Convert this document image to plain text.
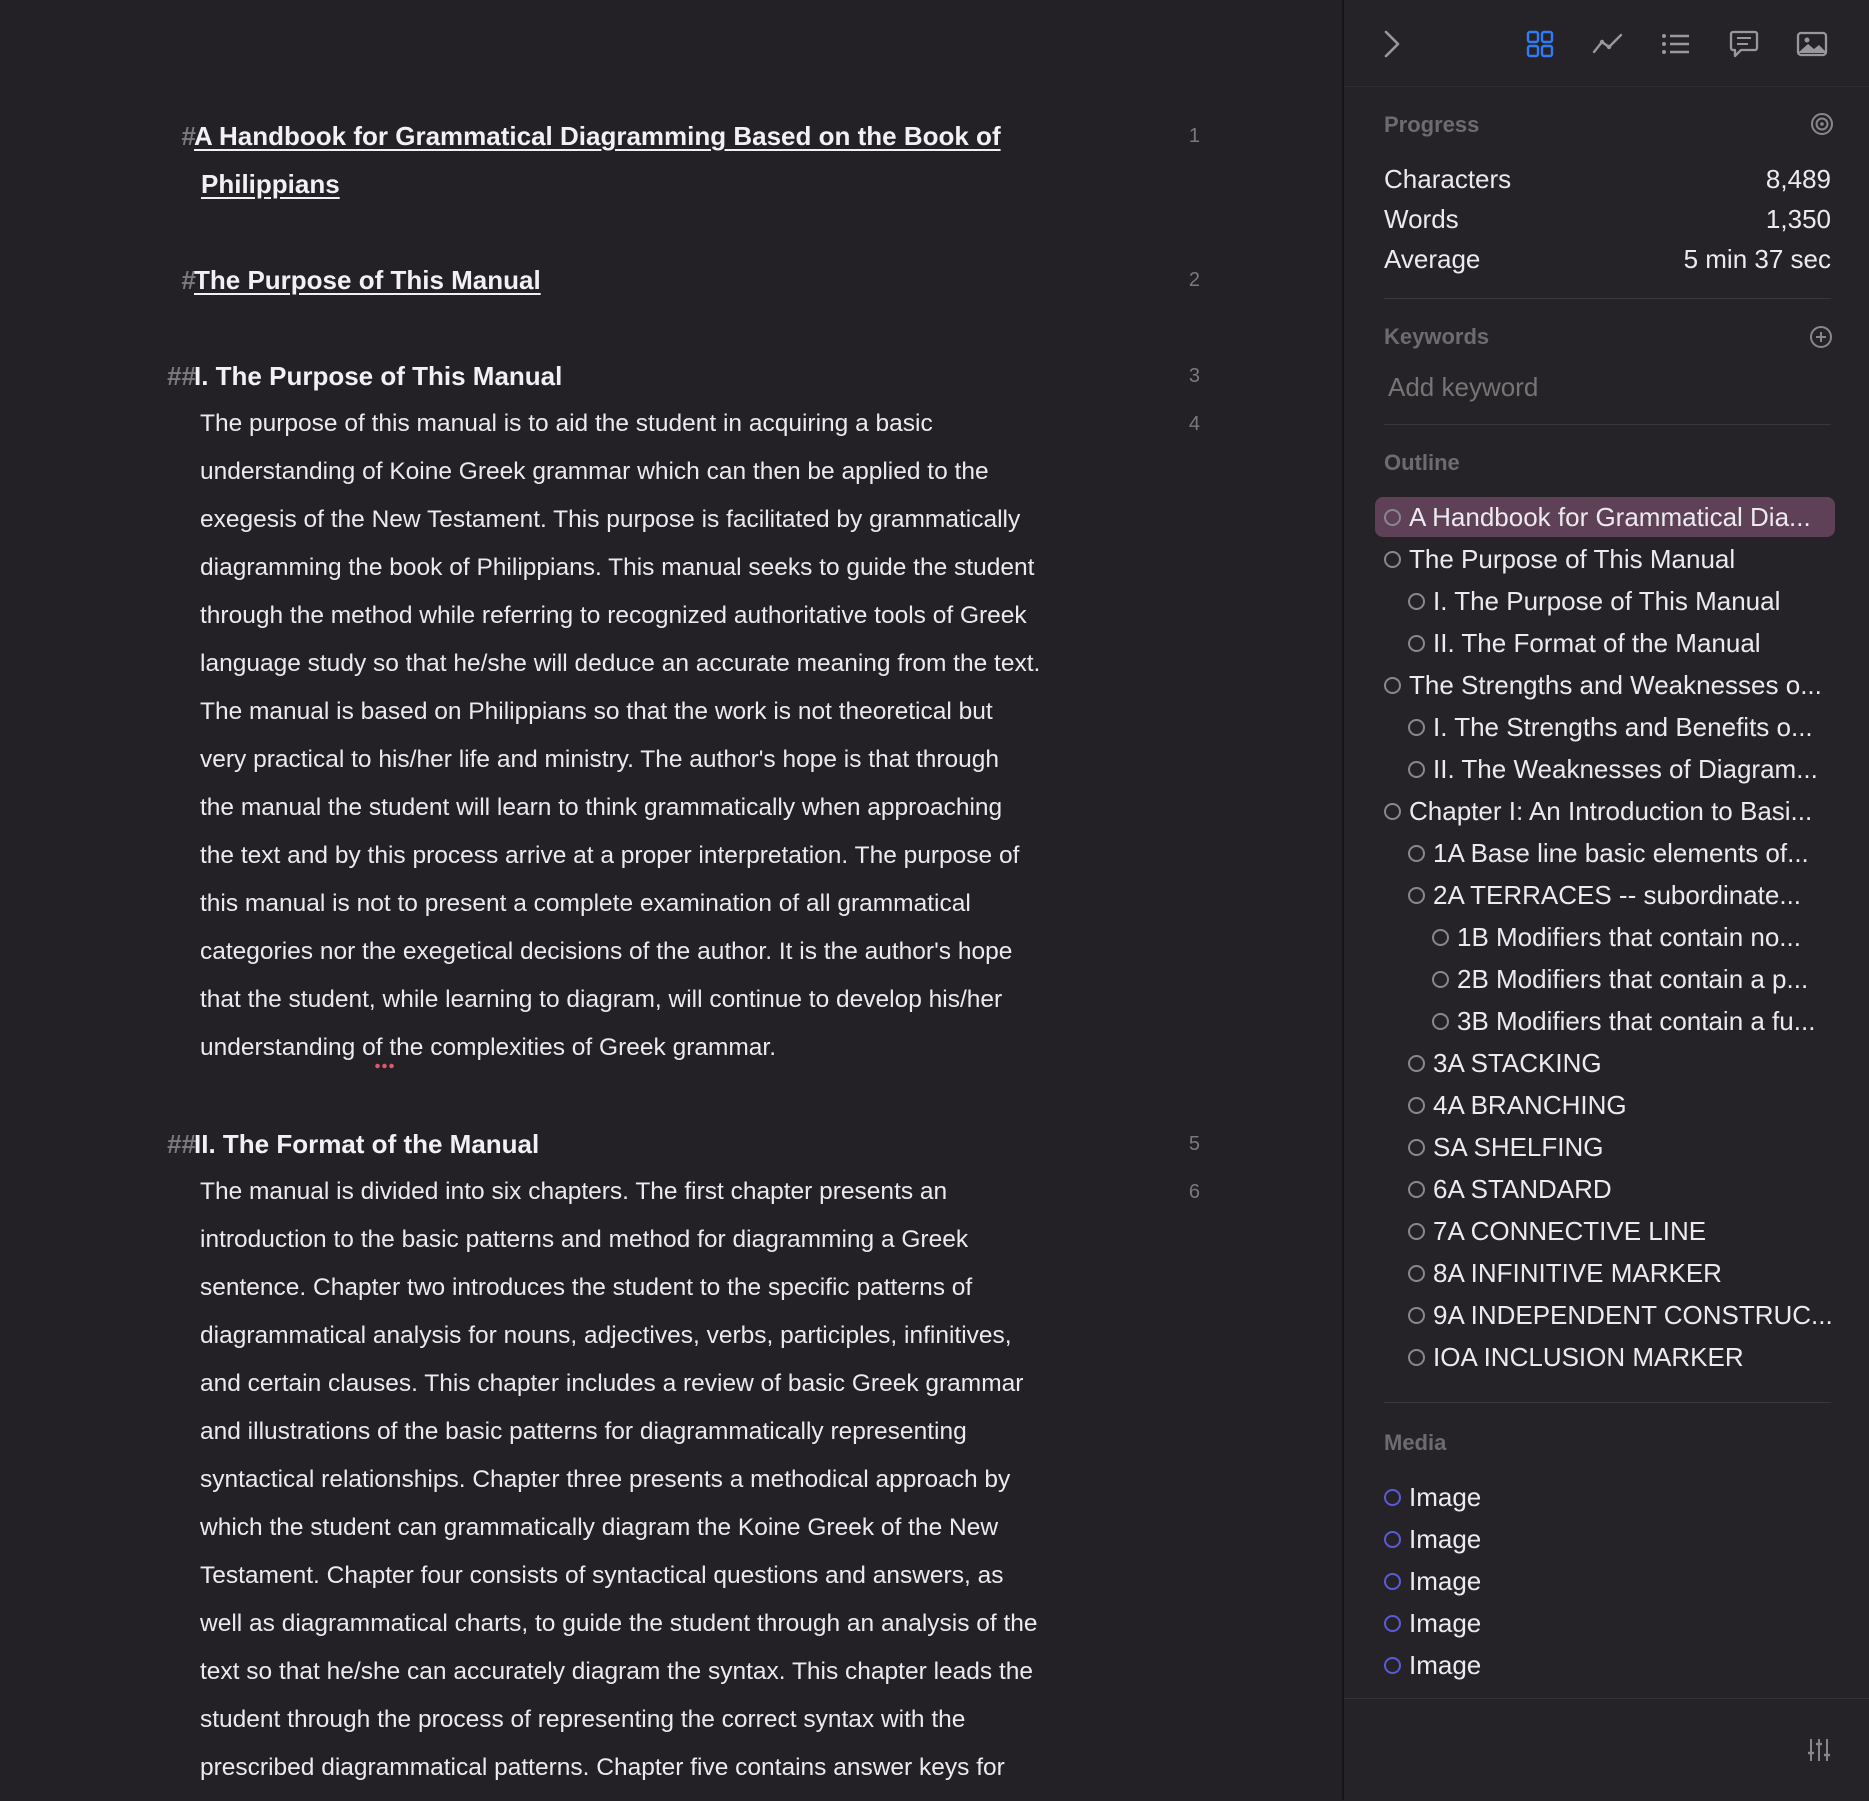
#
A Handbook for Grammatical Diagramming Based on the Book of
Philippians
1
#
The Purpose of This Manual	2
##
I. The Purpose of This Manual	3
The purpose of this manual is to aid the student in acquiring a basic
understanding of Koine Greek grammar which can then be applied to the
exegesis of the New Testament. This purpose is facilitated by grammatically
diagramming the book of Philippians. This manual seeks to guide the student
through the method while referring to recognized authoritative tools of Greek
language study so that he/she will deduce an accurate meaning from the text.
The manual is based on Philippians so that the work is not theoretical but
very practical to his/her life and ministry. The author's hope is that through
the manual the student will learn to think grammatically when approaching
the text and by this process arrive at a proper interpretation. The purpose of
this manual is not to present a complete examination of all grammatical
categories nor the exegetical decisions of the author. It is the author's hope
that the student, while learning to diagram, will continue to develop his/her
understanding of the complexities of Greek grammar.
4
##
II. The Format of the Manual	5
The manual is divided into six chapters. The first chapter presents an
introduction to the basic patterns and method for diagramming a Greek
sentence. Chapter two introduces the student to the specific patterns of
diagrammatical analysis for nouns, adjectives, verbs, participles, infinitives,
and certain clauses. This chapter includes a review of basic Greek grammar
and illustrations of the basic patterns for diagrammatically representing
syntactical relationships. Chapter three presents a methodical approach by
which the student can grammatically diagram the Koine Greek of the New
Testament. Chapter four consists of syntactical questions and answers, as
well as diagrammatical charts, to guide the student through an analysis of the
text so that he/she can accurately diagram the syntax. This chapter leads the
student through the process of representing the correct syntax with the
prescribed diagrammatical patterns. Chapter five contains answer keys for
6
Progress
Characters	8,489
Words	1,350
Average	5 min 37 sec
Keywords
Add keyword
Outline
Media
A Handbook for Grammatical Dia...
The Purpose of This Manual
I. The Purpose of This Manual
II. The Format of the Manual
The Strengths and Weaknesses o...
I. The Strengths and Benefits o...
II. The Weaknesses of Diagram...
Chapter I: An Introduction to Basi...
1A Base line basic elements of...
2A TERRACES -- subordinate...
1B Modifiers that contain no...
2B Modifiers that contain a p...
3B Modifiers that contain a fu...
3A STACKING
4A BRANCHING
SA SHELFING
6A STANDARD
7A CONNECTIVE LINE
8A INFINITIVE MARKER
9A INDEPENDENT CONSTRUC...
IOA INCLUSION MARKER
Image
Image
Image
Image
Image
